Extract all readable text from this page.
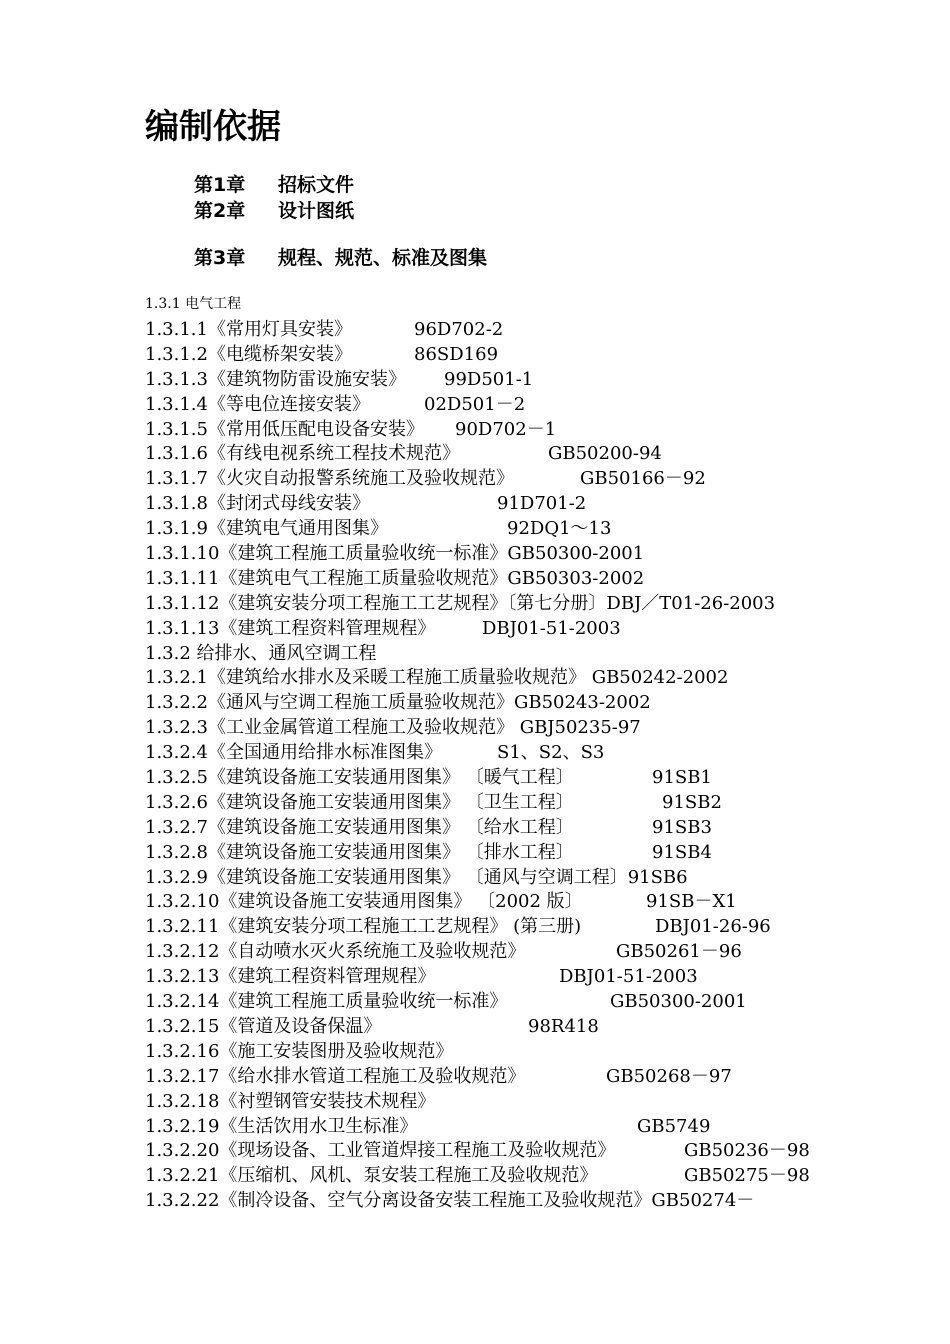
编制依据
第1章 招标文件
第2章 设计图纸
第3章 规程、规范、标准及图集
1.3.1 电气工程
1.3.1.1《常用灯具安装》	96D702-2
1.3.1.2《电缆桥架安装》	86SD169
1.3.1.3《建筑物防雷设施安装》 99D501-1
1.3.1.4《等电位连接安装》	02D501－2
1.3.1.5《常用低压配电设备安装》 90D702－1
1.3.1.6《有线电视系统工程技术规范》	GB50200-94
1.3.1.7《火灾自动报警系统施工及验收规范》	GB50166－92
1.3.1.8《封闭式母线安装》	91D701-2
1.3.1.9《建筑电气通用图集》	92DQ1～13
1.3.1.10《建筑工程施工质量验收统一标准》GB50300-2001
1.3.1.11《建筑电气工程施工质量验收规范》GB50303-2002
1.3.1.12《建筑安装分项工程施工工艺规程》〔第七分册〕DBJ／T01-26-2003
1.3.1.13《建筑工程资料管理规程》	DBJ01-51-2003
1.3.2 给排水、通风空调工程
1.3.2.1《建筑给水排水及采暖工程施工质量验收规范》 GB50242-2002
1.3.2.2《通风与空调工程施工质量验收规范》GB50243-2002
1.3.2.3《工业金属管道工程施工及验收规范》 GBJ50235-97
1.3.2.4《全国通用给排水标准图集》	S1、S2、S3
1.3.2.5《建筑设备施工安装通用图集》 〔暖气工程〕	91SB1
1.3.2.6《建筑设备施工安装通用图集》 〔卫生工程〕	91SB2
1.3.2.7《建筑设备施工安装通用图集》 〔给水工程〕	91SB3
1.3.2.8《建筑设备施工安装通用图集》 〔排水工程〕	91SB4
1.3.2.9《建筑设备施工安装通用图集》 〔通风与空调工程〕91SB6
1.3.2.10《建筑设备施工安装通用图集》 〔2002 版〕	91SB－X1
1.3.2.11《建筑安装分项工程施工工艺规程》 (第三册)	DBJ01-26-96
1.3.2.12《自动喷水灭火系统施工及验收规范》	GB50261－96
1.3.2.13《建筑工程资料管理规程》	DBJ01-51-2003
1.3.2.14《建筑工程施工质量验收统一标准》	GB50300-2001
1.3.2.15《管道及设备保温》	98R418
1.3.2.16《施工安装图册及验收规范》
1.3.2.17《给水排水管道工程施工及验收规范》	GB50268－97
1.3.2.18《衬塑钢管安装技术规程》
1.3.2.19《生活饮用水卫生标准》	GB5749
1.3.2.20《现场设备、工业管道焊接工程施工及验收规范》	GB50236－98
1.3.2.21《压缩机、风机、泵安装工程施工及验收规范》	GB50275－98
1.3.2.22《制冷设备、空气分离设备安装工程施工及验收规范》GB50274－
